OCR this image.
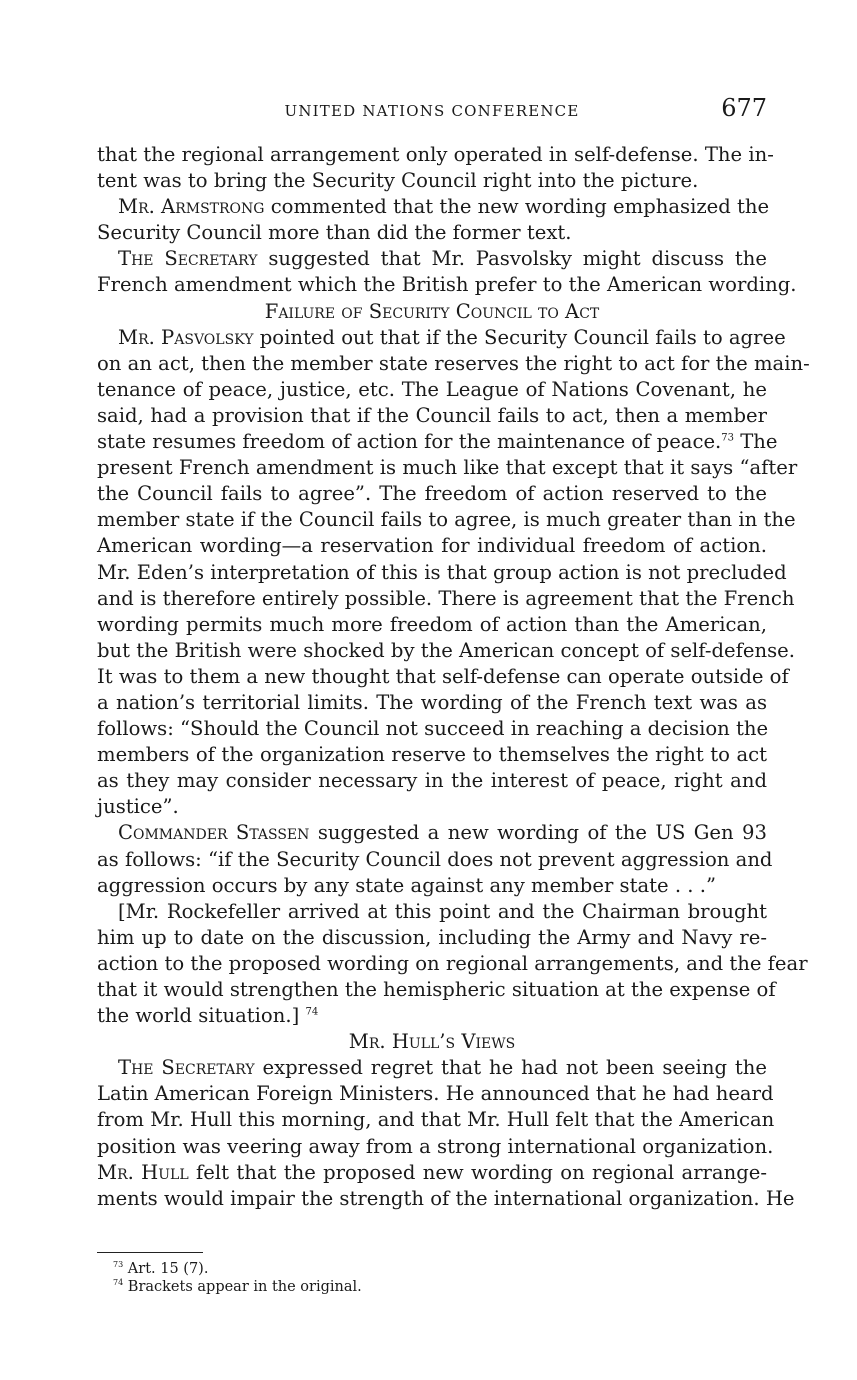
UNITED NATIONS CONFERENCE	677
that the regional arrangement only operated in self-defense. The in-
tent was to bring the Security Council right into the picture.
Mr. Armstrong commented that the new wording emphasized the
Security Council more than did the former text.
The Secretary suggested that Mr. Pasvolsky might discuss the
French amendment which the British prefer to the American wording.
Failure of Security Council to Act
Mr. Pasvolsky pointed out that if the Security Council fails to agree
on an act, then the member state reserves the right to act for the main-
tenance of peace, justice, etc. The League of Nations Covenant, he
said, had a provision that if the Council fails to act, then a member
state resumes freedom of action for the maintenance of peace.$^{73}$ The
present French amendment is much like that except that it says “after
the Council fails to agree”. The freedom of action reserved to the
member state if the Council fails to agree, is much greater than in the
American wording—a reservation for individual freedom of action.
Mr. Eden’s interpretation of this is that group action is not precluded
and is therefore entirely possible. There is agreement that the French
wording permits much more freedom of action than the American,
but the British were shocked by the American concept of self-defense.
It was to them a new thought that self-defense can operate outside of
a nation’s territorial limits. The wording of the French text was as
follows: “Should the Council not succeed in reaching a decision the
members of the organization reserve to themselves the right to act
as they may consider necessary in the interest of peace, right and
justice”.
Commander Stassen suggested a new wording of the US Gen 93
as follows: “if the Security Council does not prevent aggression and
aggression occurs by any state against any member state . . .”
[Mr. Rockefeller arrived at this point and the Chairman brought
him up to date on the discussion, including the Army and Navy re-
action to the proposed wording on regional arrangements, and the fear
that it would strengthen the hemispheric situation at the expense of
the world situation.] $^{74}$
Mr. Hull’s Views
The Secretary expressed regret that he had not been seeing the
Latin American Foreign Ministers. He announced that he had heard
from Mr. Hull this morning, and that Mr. Hull felt that the American
position was veering away from a strong international organization.
Mr. Hull felt that the proposed new wording on regional arrange-
ments would impair the strength of the international organization. He
$^{73}$ Art. 15 (7).
$^{74}$ Brackets appear in the original.
